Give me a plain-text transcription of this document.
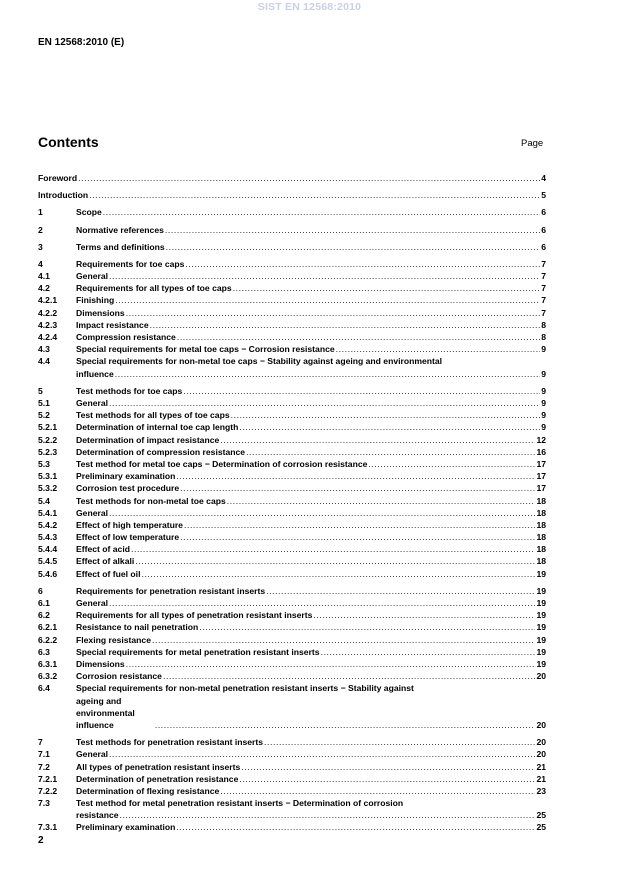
SIST EN 12568:2010
EN 12568:2010 (E)
Contents	Page
Foreword .....	4
Introduction .....	5
1	Scope .....	6
2	Normative references .....	6
3	Terms and definitions .....	6
4	Requirements for toe caps .....	7
4.1	General .....	7
4.2	Requirements for all types of toe caps .....	7
4.2.1	Finishing .....	7
4.2.2	Dimensions .....	7
4.2.3	Impact resistance .....	8
4.2.4	Compression resistance .....	8
4.3	Special requirements for metal toe caps − Corrosion resistance .....	9
4.4	Special requirements for non-metal toe caps − Stability against ageing and environmental
influence .....	9
5	Test methods for toe caps .....	9
5.1	General .....	9
5.2	Test methods for all types of toe caps .....	9
5.2.1	Determination of internal toe cap length .....	9
5.2.2	Determination of impact resistance .....	12
5.2.3	Determination of compression resistance .....	16
5.3	Test method for metal toe caps − Determination of corrosion resistance .....	17
5.3.1	Preliminary examination .....	17
5.3.2	Corrosion test procedure .....	17
5.4	Test methods for non-metal toe caps .....	18
5.4.1	General .....	18
5.4.2	Effect of high temperature .....	18
5.4.3	Effect of low temperature .....	18
5.4.4	Effect of acid .....	18
5.4.5	Effect of alkali .....	18
5.4.6	Effect of fuel oil .....	19
6	Requirements for penetration resistant inserts .....	19
6.1	General .....	19
6.2	Requirements for all types of penetration resistant inserts .....	19
6.2.1	Resistance to nail penetration .....	19
6.2.2	Flexing resistance .....	19
6.3	Special requirements for metal penetration resistant inserts .....	19
6.3.1	Dimensions .....	19
6.3.2	Corrosion resistance .....	20
6.4	Special requirements for non-metal penetration resistant inserts − Stability against
ageing and environmental influence .....	20
7	Test methods for penetration resistant inserts .....	20
7.1	General .....	20
7.2	All types of penetration resistant inserts .....	21
7.2.1	Determination of penetration resistance .....	21
7.2.2	Determination of flexing resistance .....	23
7.3	Test method for metal penetration resistant inserts − Determination of corrosion
resistance .....	25
7.3.1	Preliminary examination .....	25
2
